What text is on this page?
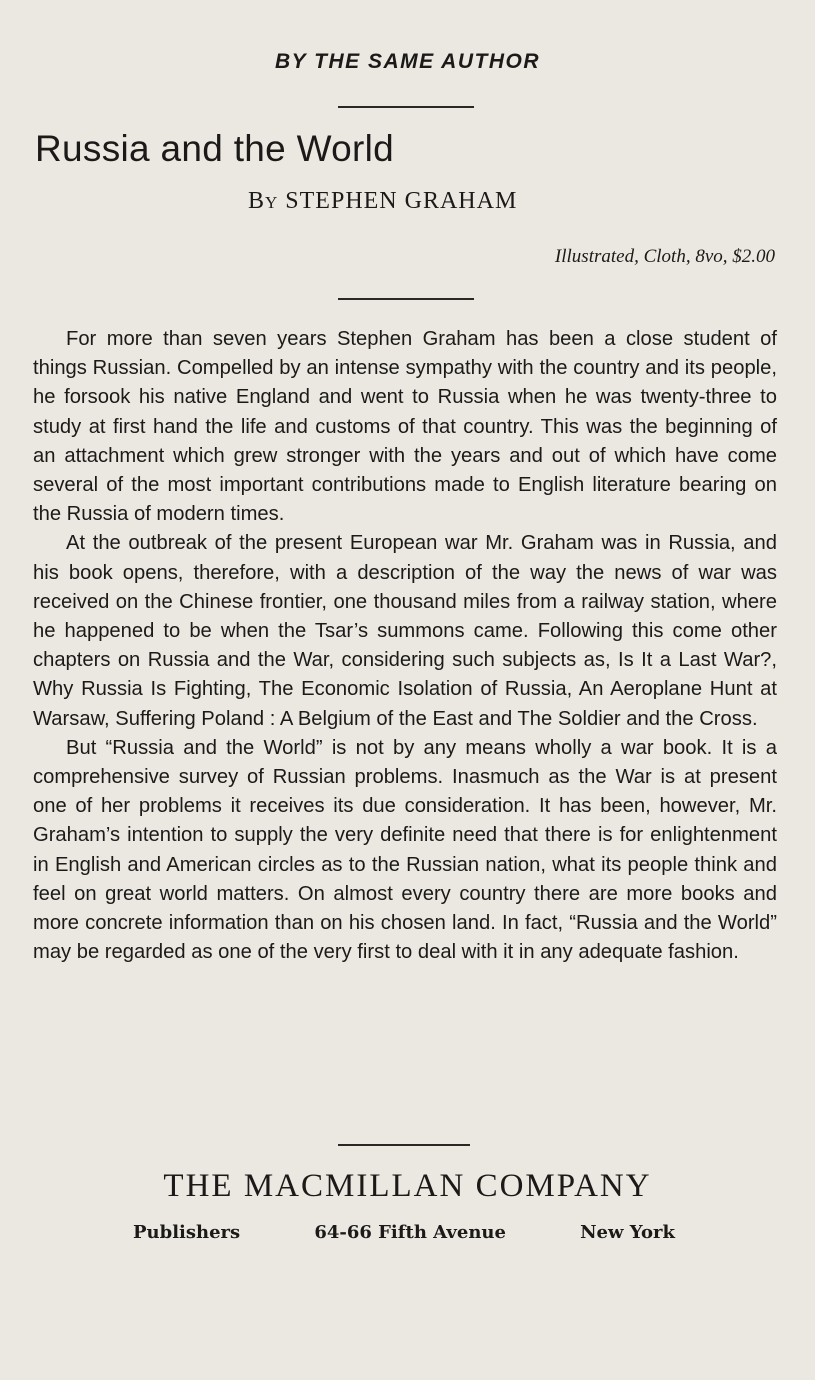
BY THE SAME AUTHOR
Russia and the World
By STEPHEN GRAHAM
Illustrated, Cloth, 8vo, $2.00

For more than seven years Stephen Graham has been a close student of things Russian. Compelled by an intense sympathy with the country and its people, he forsook his native England and went to Russia when he was twenty-three to study at first hand the life and customs of that country. This was the beginning of an attachment which grew stronger with the years and out of which have come several of the most important contributions made to English literature bearing on the Russia of modern times.

At the outbreak of the present European war Mr. Graham was in Russia, and his book opens, therefore, with a description of the way the news of war was received on the Chinese frontier, one thousand miles from a railway station, where he happened to be when the Tsar’s summons came. Following this come other chapters on Russia and the War, considering such subjects as, Is It a Last War?, Why Russia Is Fighting, The Economic Isolation of Russia, An Aeroplane Hunt at Warsaw, Suffering Poland : A Belgium of the East and The Soldier and the Cross.

But “Russia and the World” is not by any means wholly a war book. It is a comprehensive survey of Russian problems. Inasmuch as the War is at present one of her problems it receives its due consideration. It has been, however, Mr. Graham’s intention to supply the very definite need that there is for enlightenment in English and American circles as to the Russian nation, what its people think and feel on great world matters. On almost every country there are more books and more concrete information than on his chosen land. In fact, “Russia and the World” may be regarded as one of the very first to deal with it in any adequate fashion.

THE MACMILLAN COMPANY
Publishers	64-66 Fifth Avenue	New York
